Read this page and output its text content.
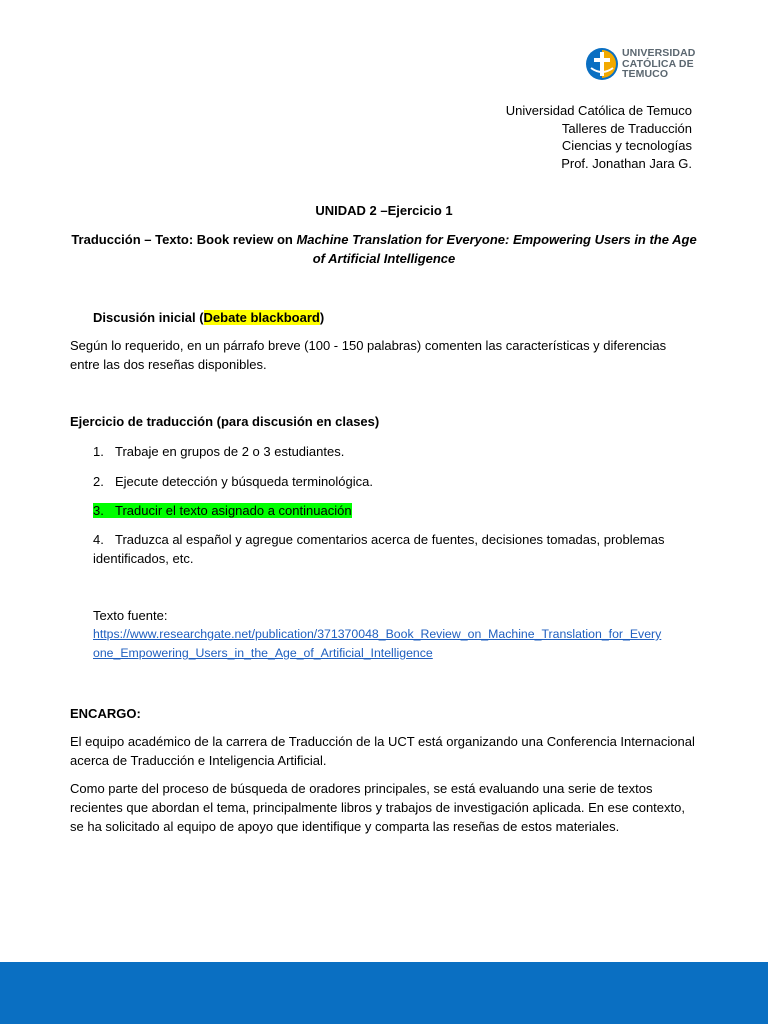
UNIVERSIDAD
CATÓLICA DE
TEMUCO
Universidad Católica de Temuco
Talleres de Traducción
Ciencias y tecnologías
Prof. Jonathan Jara G.
UNIDAD 2 –Ejercicio 1
Traducción – Texto: Book review on Machine Translation for Everyone: Empowering Users in the Age of Artificial Intelligence
Discusión inicial (Debate blackboard)
Según lo requerido, en un párrafo breve (100 - 150 palabras) comenten las características y diferencias entre las dos reseñas disponibles.
Ejercicio de traducción (para discusión en clases)
1. Trabaje en grupos de 2 o 3 estudiantes.
2. Ejecute detección y búsqueda terminológica.
3. Traducir el texto asignado a continuación
4. Traduzca al español y agregue comentarios acerca de fuentes, decisiones tomadas, problemas identificados, etc.
Texto fuente:
https://www.researchgate.net/publication/371370048_Book_Review_on_Machine_Translation_for_Every
one_Empowering_Users_in_the_Age_of_Artificial_Intelligence
ENCARGO:
El equipo académico de la carrera de Traducción de la UCT está organizando una Conferencia Internacional acerca de Traducción e Inteligencia Artificial.
Como parte del proceso de búsqueda de oradores principales, se está evaluando una serie de textos recientes que abordan el tema, principalmente libros y trabajos de investigación aplicada. En ese contexto, se ha solicitado al equipo de apoyo que identifique y comparta las reseñas de estos materiales.
